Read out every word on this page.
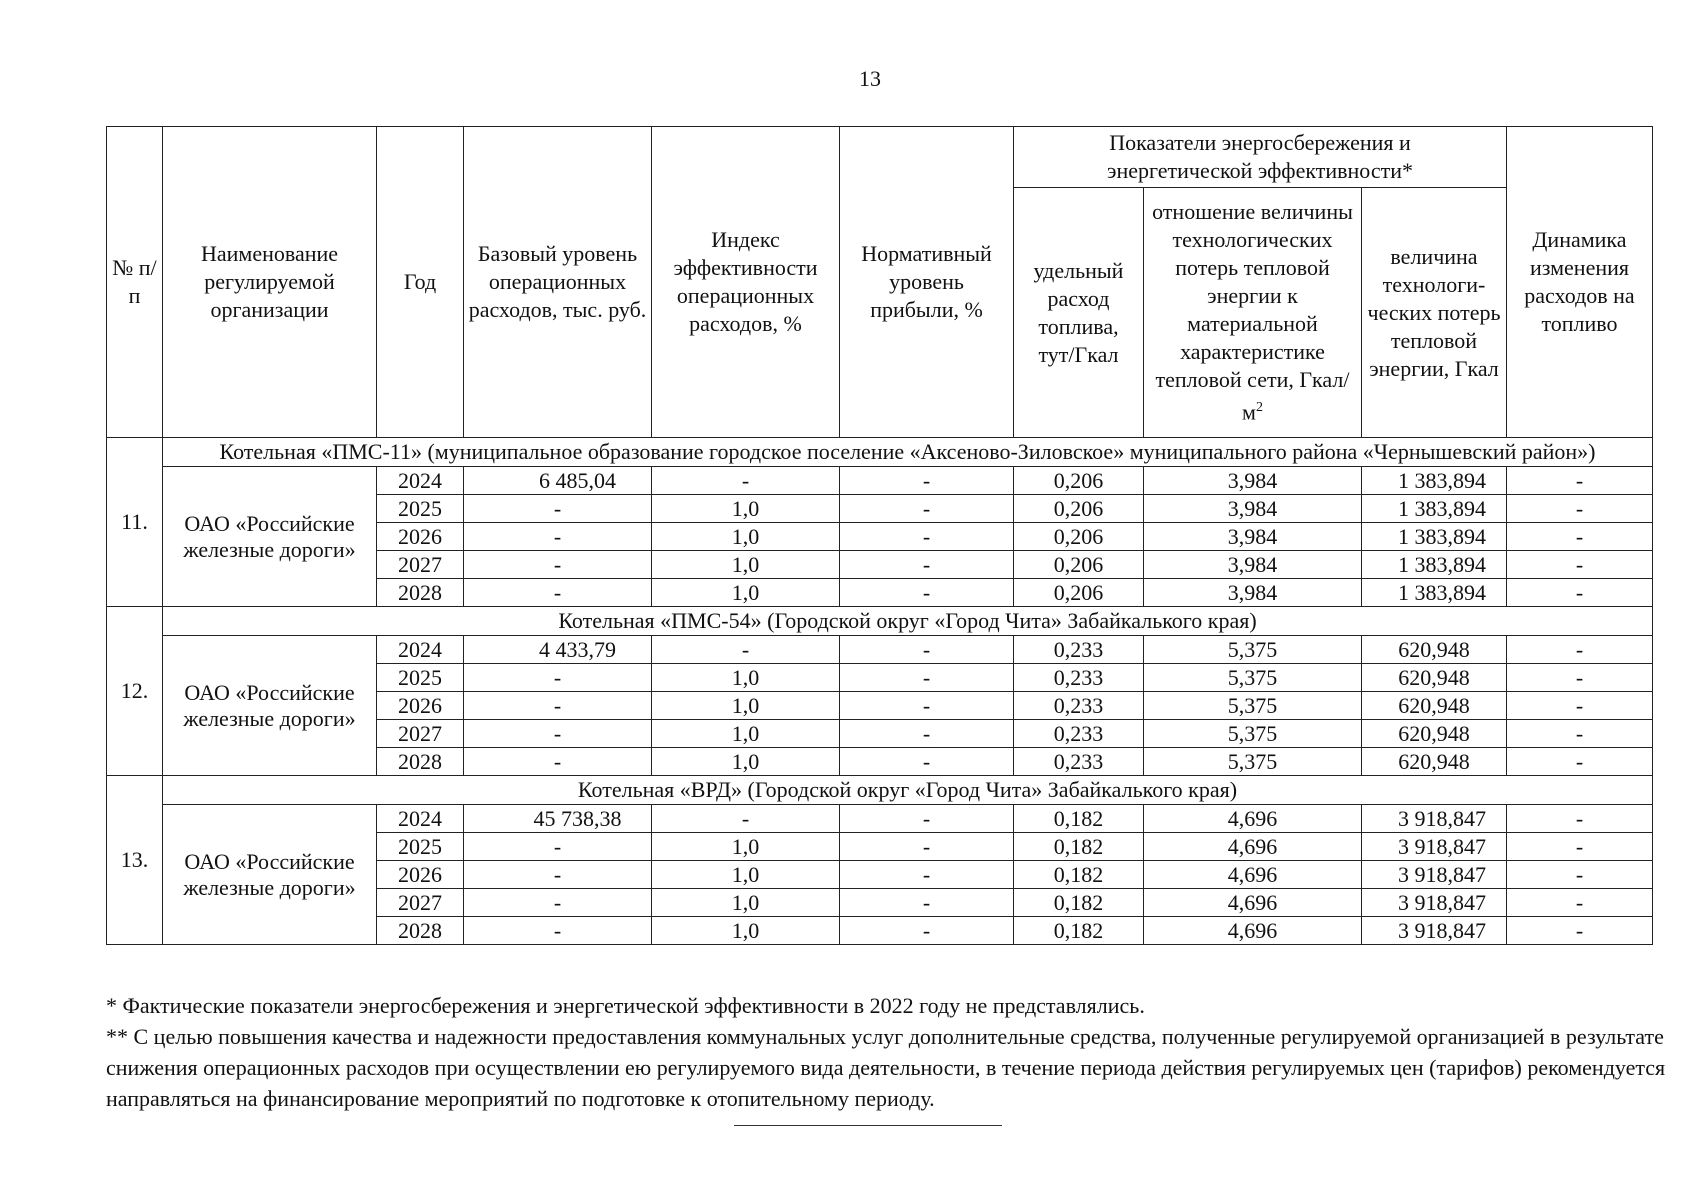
13
№ п/п	Наименование регулируемой организации	Год	Базовый уровень операционных расходов, тыс. руб.	Индекс эффективности операционных расходов, %	Нормативный уровень прибыли, %	Показатели энергосбережения и энергетической эффективности*			Динамика изменения расходов на топливо
						удельный расход топлива, тут/Гкал	отношение величины технологических потерь тепловой энергии к материальной характеристике тепловой сети, Гкал/$м^2$	величина технологи-ческих потерь тепловой энергии, Гкал	
11.	Котельная «ПМС-11» (муниципальное образование городское поселение «Аксеново-Зиловское» муниципального района «Чернышевский район»)								
	ОАО «Российские железные дороги»	2024	6 485,04	-	-	0,206	3,984	1 383,894	-
		2025	-	1,0	-	0,206	3,984	1 383,894	-
		2026	-	1,0	-	0,206	3,984	1 383,894	-
		2027	-	1,0	-	0,206	3,984	1 383,894	-
		2028	-	1,0	-	0,206	3,984	1 383,894	-
12.	Котельная «ПМС-54» (Городской округ «Город Чита» Забайкалького края)								
	ОАО «Российские железные дороги»	2024	4 433,79	-	-	0,233	5,375	620,948	-
		2025	-	1,0	-	0,233	5,375	620,948	-
		2026	-	1,0	-	0,233	5,375	620,948	-
		2027	-	1,0	-	0,233	5,375	620,948	-
		2028	-	1,0	-	0,233	5,375	620,948	-
13.	Котельная «ВРД» (Городской округ «Город Чита» Забайкалького края)								
	ОАО «Российские железные дороги»	2024	45 738,38	-	-	0,182	4,696	3 918,847	-
		2025	-	1,0	-	0,182	4,696	3 918,847	-
		2026	-	1,0	-	0,182	4,696	3 918,847	-
		2027	-	1,0	-	0,182	4,696	3 918,847	-
		2028	-	1,0	-	0,182	4,696	3 918,847	-

* Фактические показатели энергосбережения и энергетической эффективности в 2022 году не представлялись.

** С целью повышения качества и надежности предоставления коммунальных услуг дополнительные средства, полученные регулируемой организацией в результате снижения операционных расходов при осуществлении ею регулируемого вида деятельности, в течение периода действия регулируемых цен (тарифов) рекомендуется направляться на финансирование мероприятий по подготовке к отопительному периоду.
